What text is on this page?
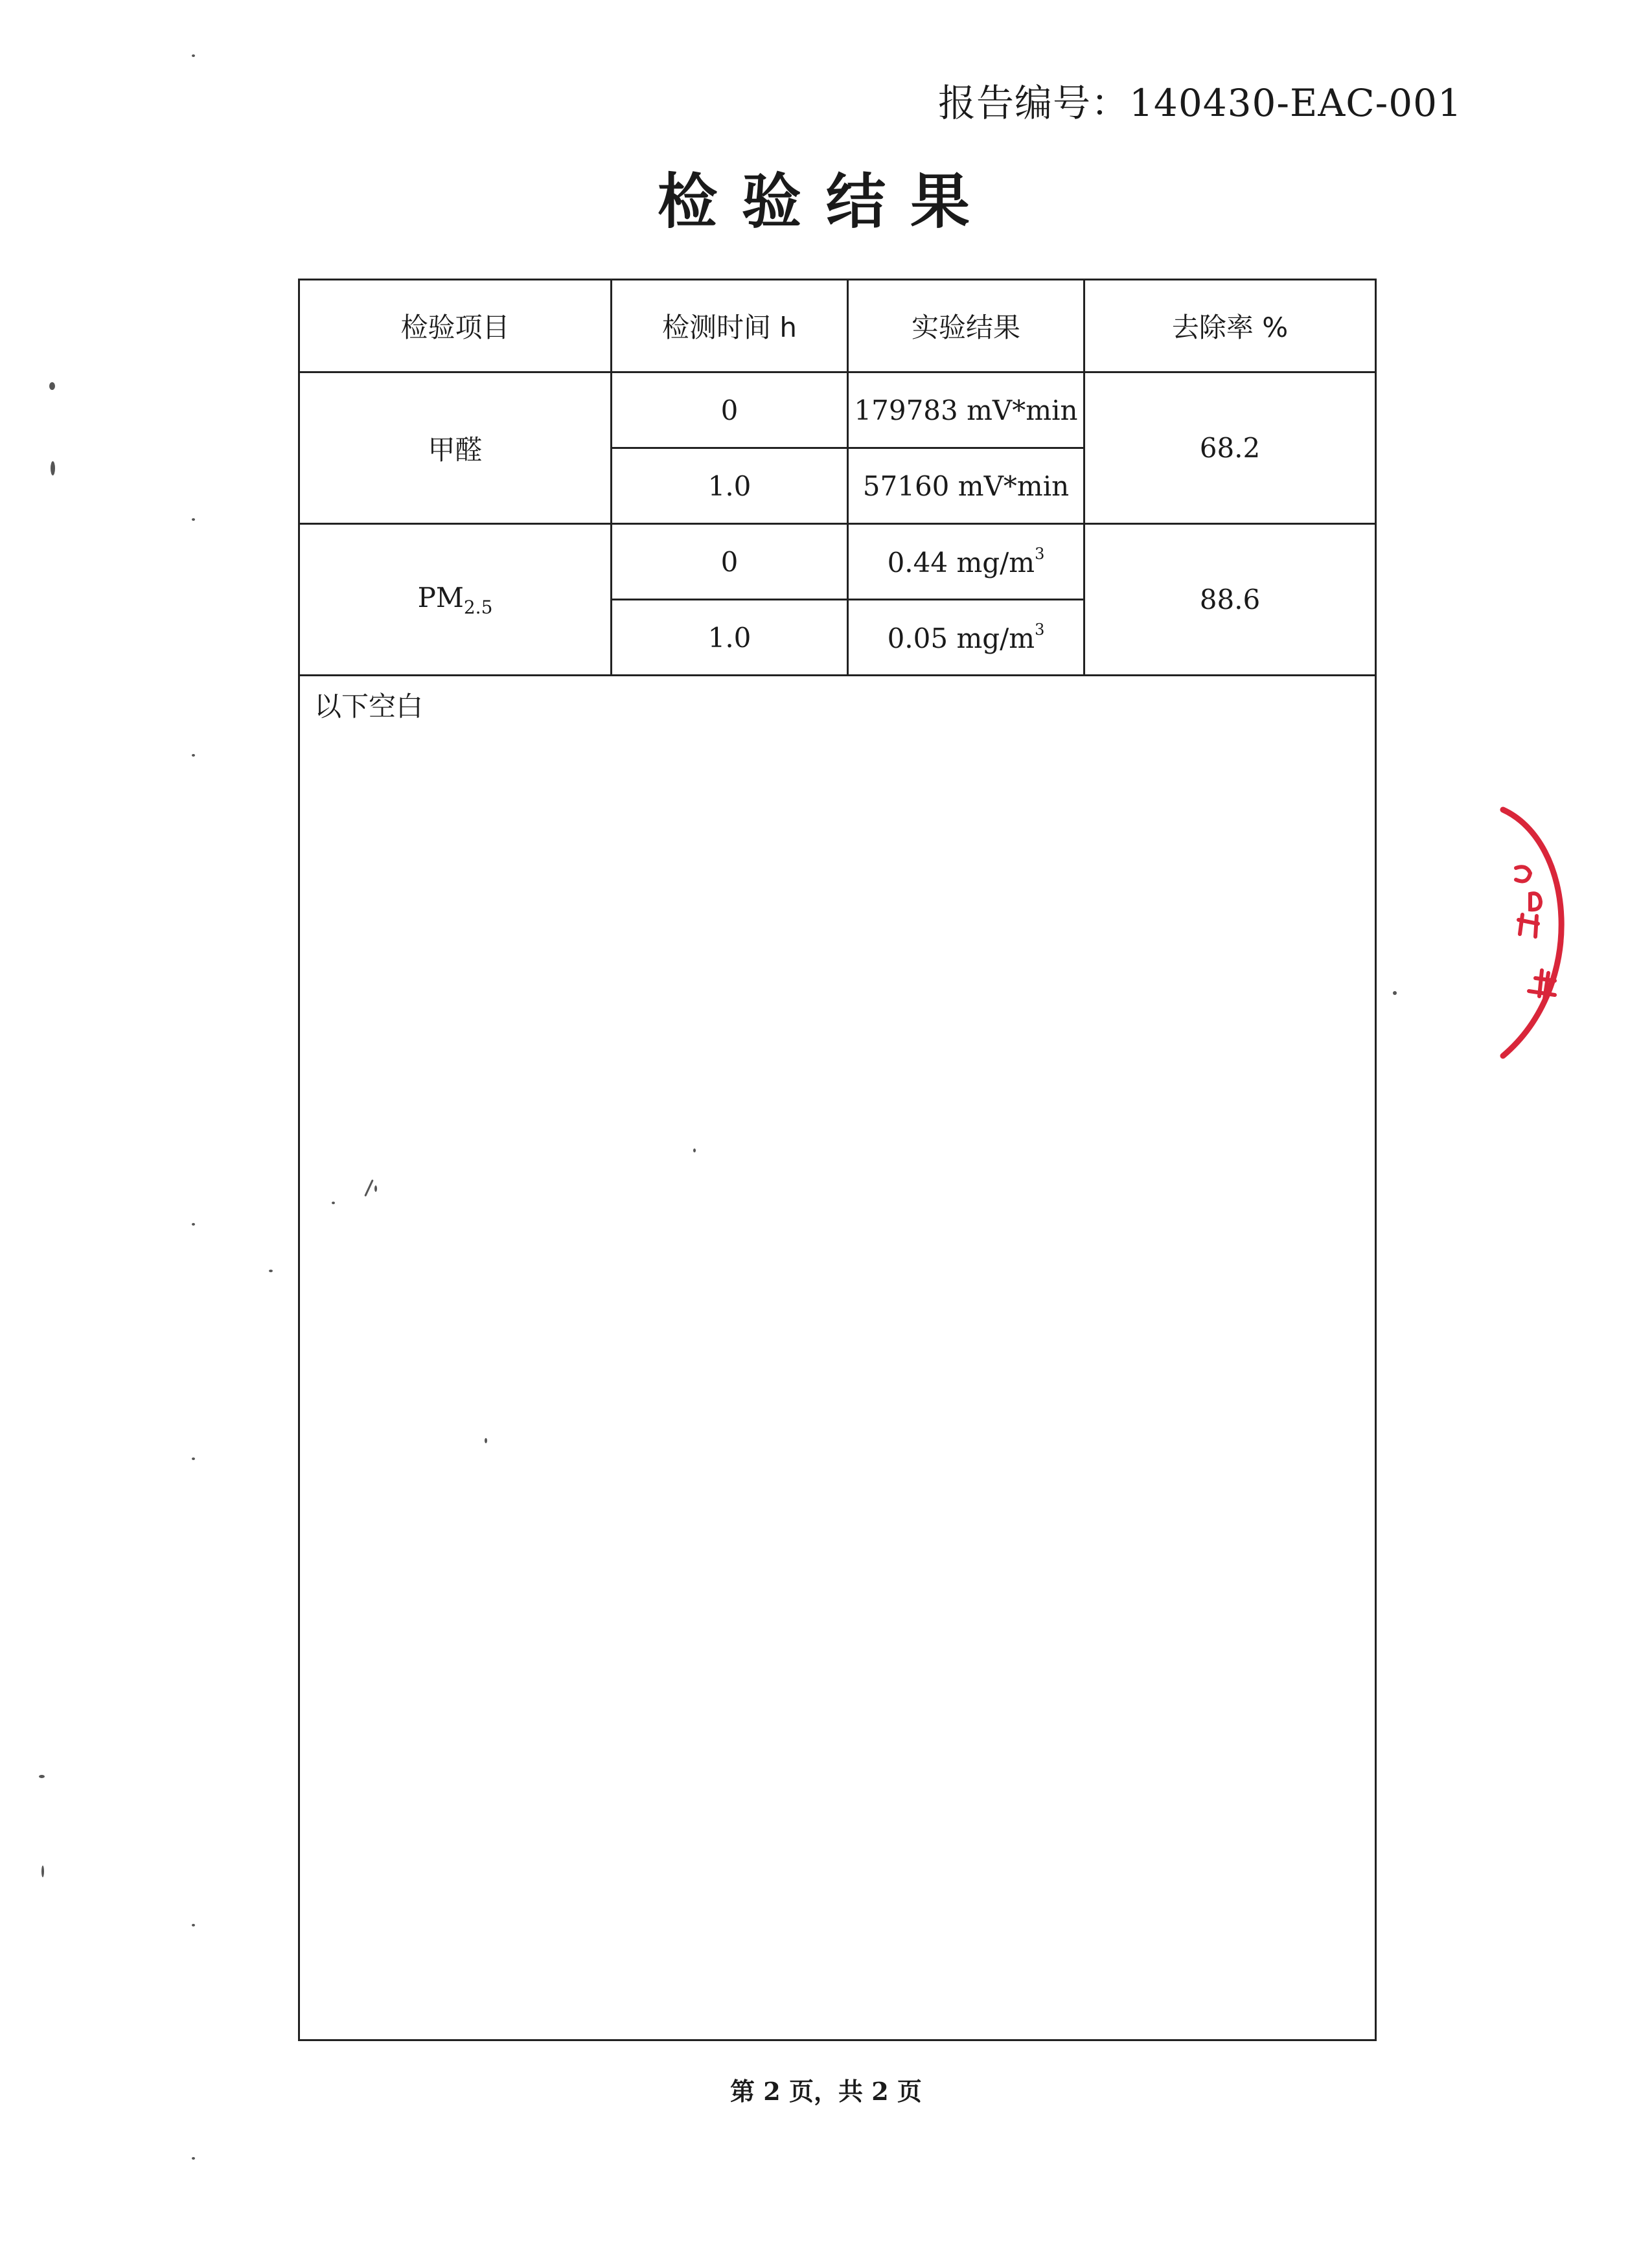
报告编号：140430-EAC-001
检验结果
检验项目	检测时间 h	实验结果	去除率 %
甲醛	0	179783 mV*min	68.2
	1.0	57160 mV*min	
$PM_{2.5}$	0	0.44 $mg/m^3$	88.6
	1.0	0.05 $mg/m^3$
以下空白			
第 2 页，共 2 页
